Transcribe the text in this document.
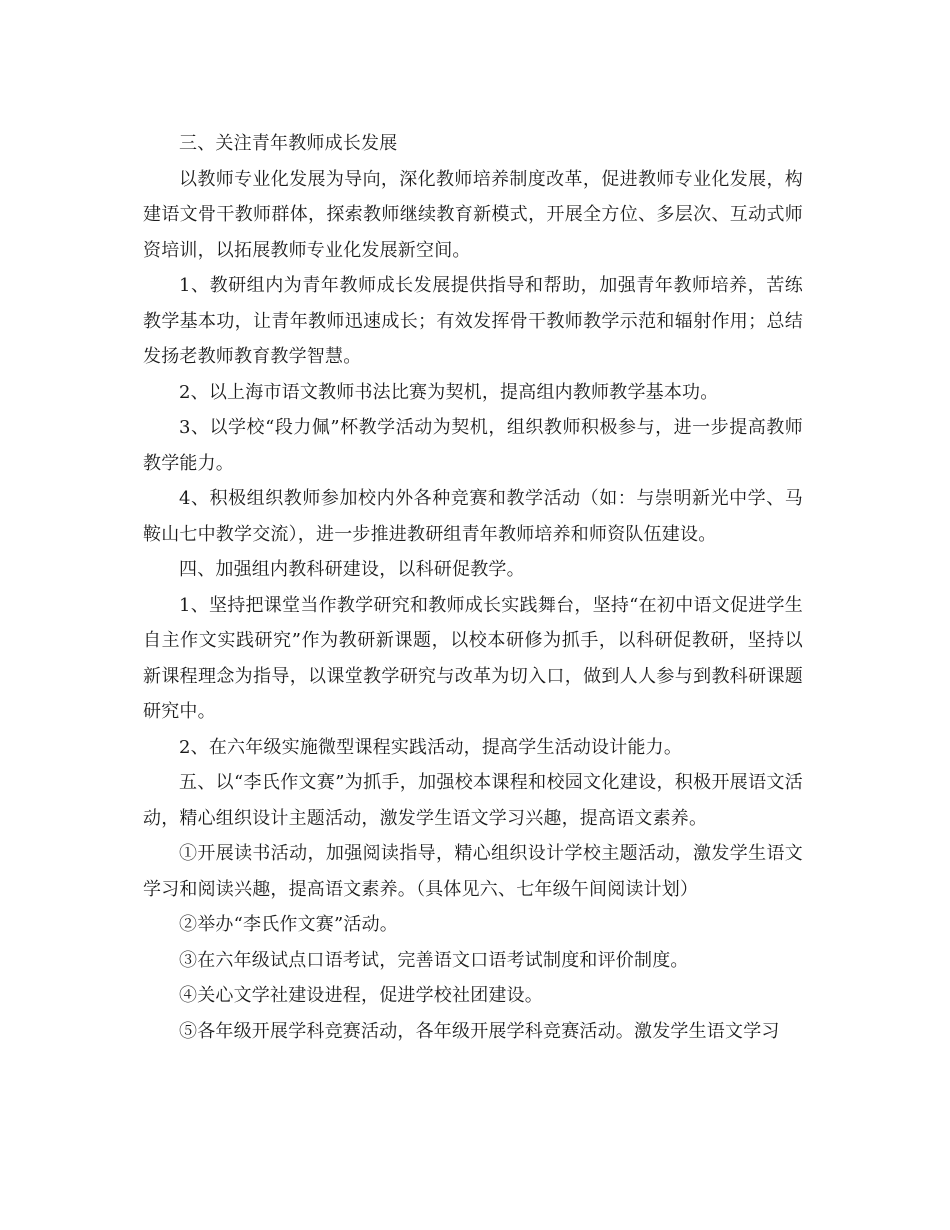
三、关注青年教师成长发展

以教师专业化发展为导向，深化教师培养制度改革，促进教师专业化发展，构建语文骨干教师群体，探索教师继续教育新模式，开展全方位、多层次、互动式师资培训，以拓展教师专业化发展新空间。

1、教研组内为青年教师成长发展提供指导和帮助，加强青年教师培养，苦练教学基本功，让青年教师迅速成长；有效发挥骨干教师教学示范和辐射作用；总结发扬老教师教育教学智慧。

2、以上海市语文教师书法比赛为契机，提高组内教师教学基本功。

3、以学校“段力佩”杯教学活动为契机，组织教师积极参与，进一步提高教师教学能力。

4、积极组织教师参加校内外各种竞赛和教学活动（如：与崇明新光中学、马鞍山七中教学交流），进一步推进教研组青年教师培养和师资队伍建设。

四、加强组内教科研建设，以科研促教学。

1、坚持把课堂当作教学研究和教师成长实践舞台，坚持“在初中语文促进学生自主作文实践研究”作为教研新课题，以校本研修为抓手，以科研促教研，坚持以新课程理念为指导，以课堂教学研究与改革为切入口，做到人人参与到教科研课题研究中。

2、在六年级实施微型课程实践活动，提高学生活动设计能力。

五、以“李氏作文赛”为抓手，加强校本课程和校园文化建设，积极开展语文活动，精心组织设计主题活动，激发学生语文学习兴趣，提高语文素养。

①开展读书活动，加强阅读指导，精心组织设计学校主题活动，激发学生语文学习和阅读兴趣，提高语文素养。（具体见六、七年级午间阅读计划）

②举办“李氏作文赛”活动。

③在六年级试点口语考试，完善语文口语考试制度和评价制度。

④关心文学社建设进程，促进学校社团建设。

⑤各年级开展学科竞赛活动，各年级开展学科竞赛活动。激发学生语文学习
